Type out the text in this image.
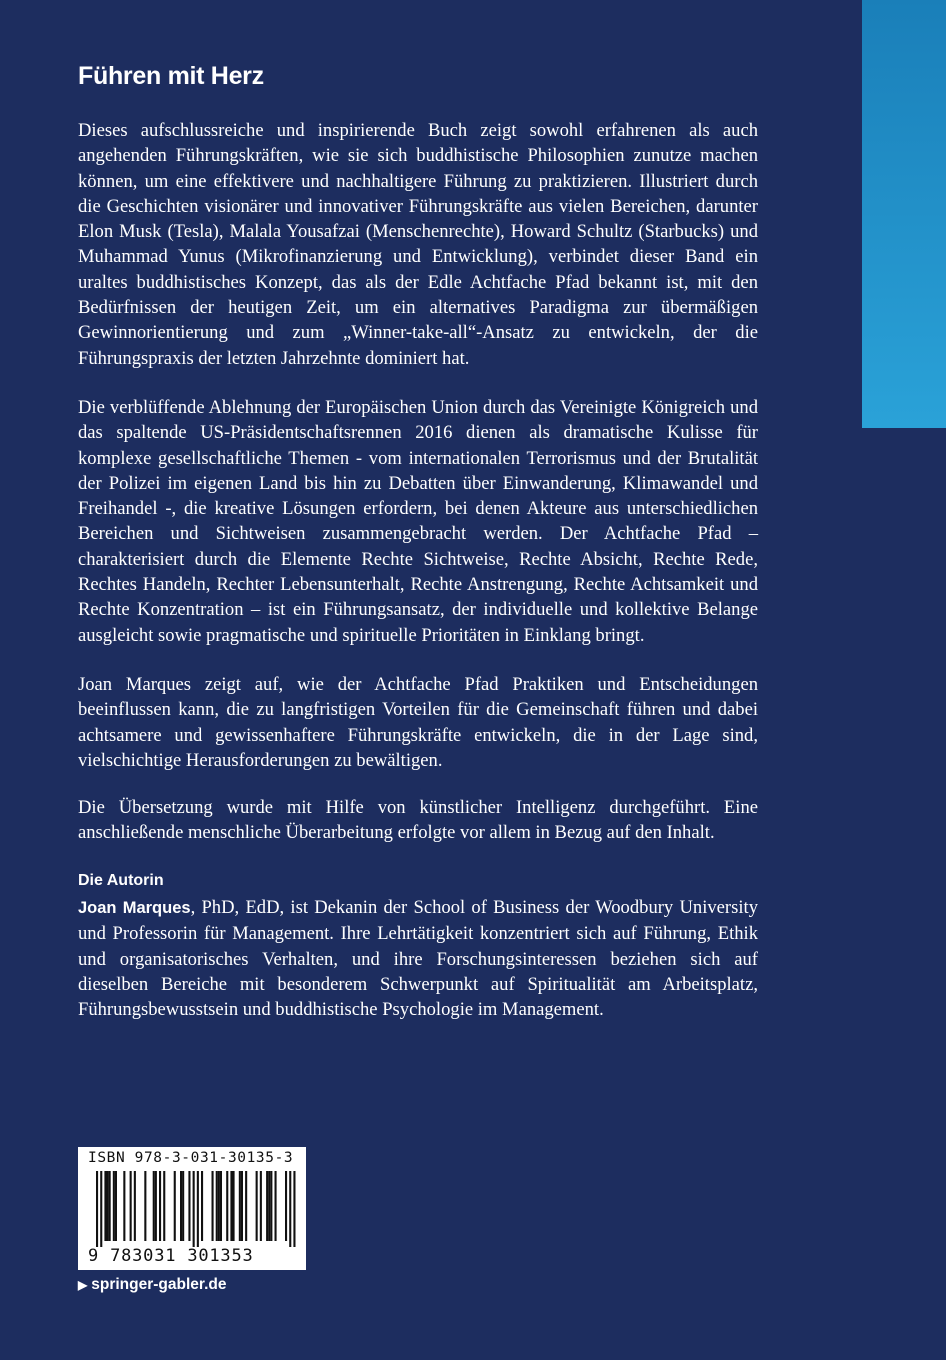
Führen mit Herz

Dieses aufschlussreiche und inspirierende Buch zeigt sowohl erfahrenen als auch angehenden Führungskräften, wie sie sich buddhistische Philosophien zunutze machen können, um eine effektivere und nachhaltigere Führung zu praktizieren. Illustriert durch die Geschichten visionärer und innovativer Führungskräfte aus vielen Bereichen, darunter Elon Musk (Tesla), Malala Yousafzai (Menschenrechte), Howard Schultz (Starbucks) und Muhammad Yunus (Mikrofinanzierung und Entwicklung), verbindet dieser Band ein uraltes buddhistisches Konzept, das als der Edle Achtfache Pfad bekannt ist, mit den Bedürfnissen der heutigen Zeit, um ein alternatives Paradigma zur übermäßigen Gewinnorientierung und zum „Winner-take-all“-Ansatz zu entwickeln, der die Führungspraxis der letzten Jahrzehnte dominiert hat.

Die verblüffende Ablehnung der Europäischen Union durch das Vereinigte Königreich und das spaltende US-Präsidentschaftsrennen 2016 dienen als dramatische Kulisse für komplexe gesellschaftliche Themen - vom internationalen Terrorismus und der Brutalität der Polizei im eigenen Land bis hin zu Debatten über Einwanderung, Klimawandel und Freihandel -, die kreative Lösungen erfordern, bei denen Akteure aus unterschiedlichen Bereichen und Sichtweisen zusammengebracht werden. Der Achtfache Pfad – charakterisiert durch die Elemente Rechte Sichtweise, Rechte Absicht, Rechte Rede, Rechtes Handeln, Rechter Lebensunterhalt, Rechte Anstrengung, Rechte Achtsamkeit und Rechte Konzentration – ist ein Führungsansatz, der individuelle und kollektive Belange ausgleicht sowie pragmatische und spirituelle Prioritäten in Einklang bringt.

Joan Marques zeigt auf, wie der Achtfache Pfad Praktiken und Entscheidungen beeinflussen kann, die zu langfristigen Vorteilen für die Gemeinschaft führen und dabei achtsamere und gewissenhaftere Führungskräfte entwickeln, die in der Lage sind, vielschichtige Herausforderungen zu bewältigen.

Die Übersetzung wurde mit Hilfe von künstlicher Intelligenz durchgeführt. Eine anschließende menschliche Überarbeitung erfolgte vor allem in Bezug auf den Inhalt.

Die Autorin

Joan Marques, PhD, EdD, ist Dekanin der School of Business der Woodbury University und Professorin für Management. Ihre Lehrtätigkeit konzentriert sich auf Führung, Ethik und organisatorisches Verhalten, und ihre Forschungsinteressen beziehen sich auf dieselben Bereiche mit besonderem Schwerpunkt auf Spiritualität am Arbeitsplatz, Führungsbewusstsein und buddhistische Psychologie im Management.

ISBN 978-3-031-30135-3
9 783031 301353
▶ springer-gabler.de
